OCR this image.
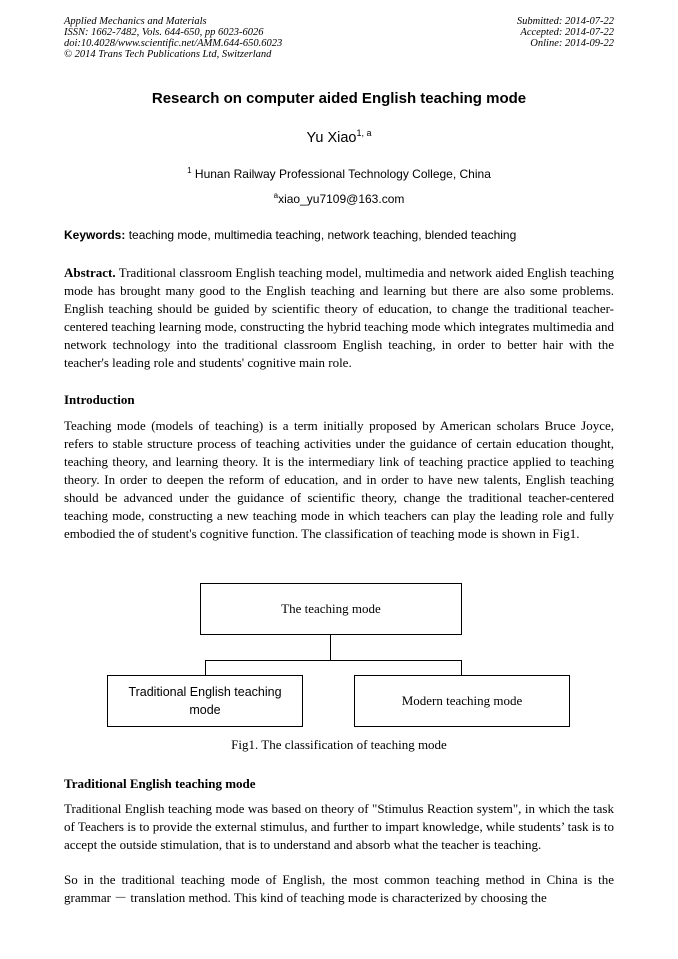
Applied Mechanics and Materials
ISSN: 1662-7482, Vols. 644-650, pp 6023-6026
doi:10.4028/www.scientific.net/AMM.644-650.6023
© 2014 Trans Tech Publications Ltd, Switzerland
Submitted: 2014-07-22
Accepted: 2014-07-22
Online: 2014-09-22
Research on computer aided English teaching mode
Yu Xiao$^{1, a}$
$^1$ Hunan Railway Professional Technology College, China
$^a$xiao_yu7109@163.com
Keywords: teaching mode, multimedia teaching, network teaching, blended teaching
Abstract. Traditional classroom English teaching model, multimedia and network aided English teaching mode has brought many good to the English teaching and learning but there are also some problems. English teaching should be guided by scientific theory of education, to change the traditional teacher-centered teaching learning mode, constructing the hybrid teaching mode which integrates multimedia and network technology into the traditional classroom English teaching, in order to better hair with the teacher's leading role and students' cognitive main role.
Introduction
Teaching mode (models of teaching) is a term initially proposed by American scholars Bruce Joyce, refers to stable structure process of teaching activities under the guidance of certain education thought, teaching theory, and learning theory. It is the intermediary link of teaching practice applied to teaching theory. In order to deepen the reform of education, and in order to have new talents, English teaching should be advanced under the guidance of scientific theory, change the traditional teacher-centered teaching mode, constructing a new teaching mode in which teachers can play the leading role and fully embodied the of student's cognitive function. The classification of teaching mode is shown in Fig1.
The teaching mode
Traditional English teaching mode
Modern teaching mode
Fig1. The classification of teaching mode
Traditional English teaching mode
Traditional English teaching mode was based on theory of "Stimulus Reaction system", in which the task of Teachers is to provide the external stimulus, and further to impart knowledge, while students’ task is to accept the outside stimulation, that is to understand and absorb what the teacher is teaching.
So in the traditional teaching mode of English, the most common teaching method in China is the grammar － translation method. This kind of teaching mode is characterized by choosing the
